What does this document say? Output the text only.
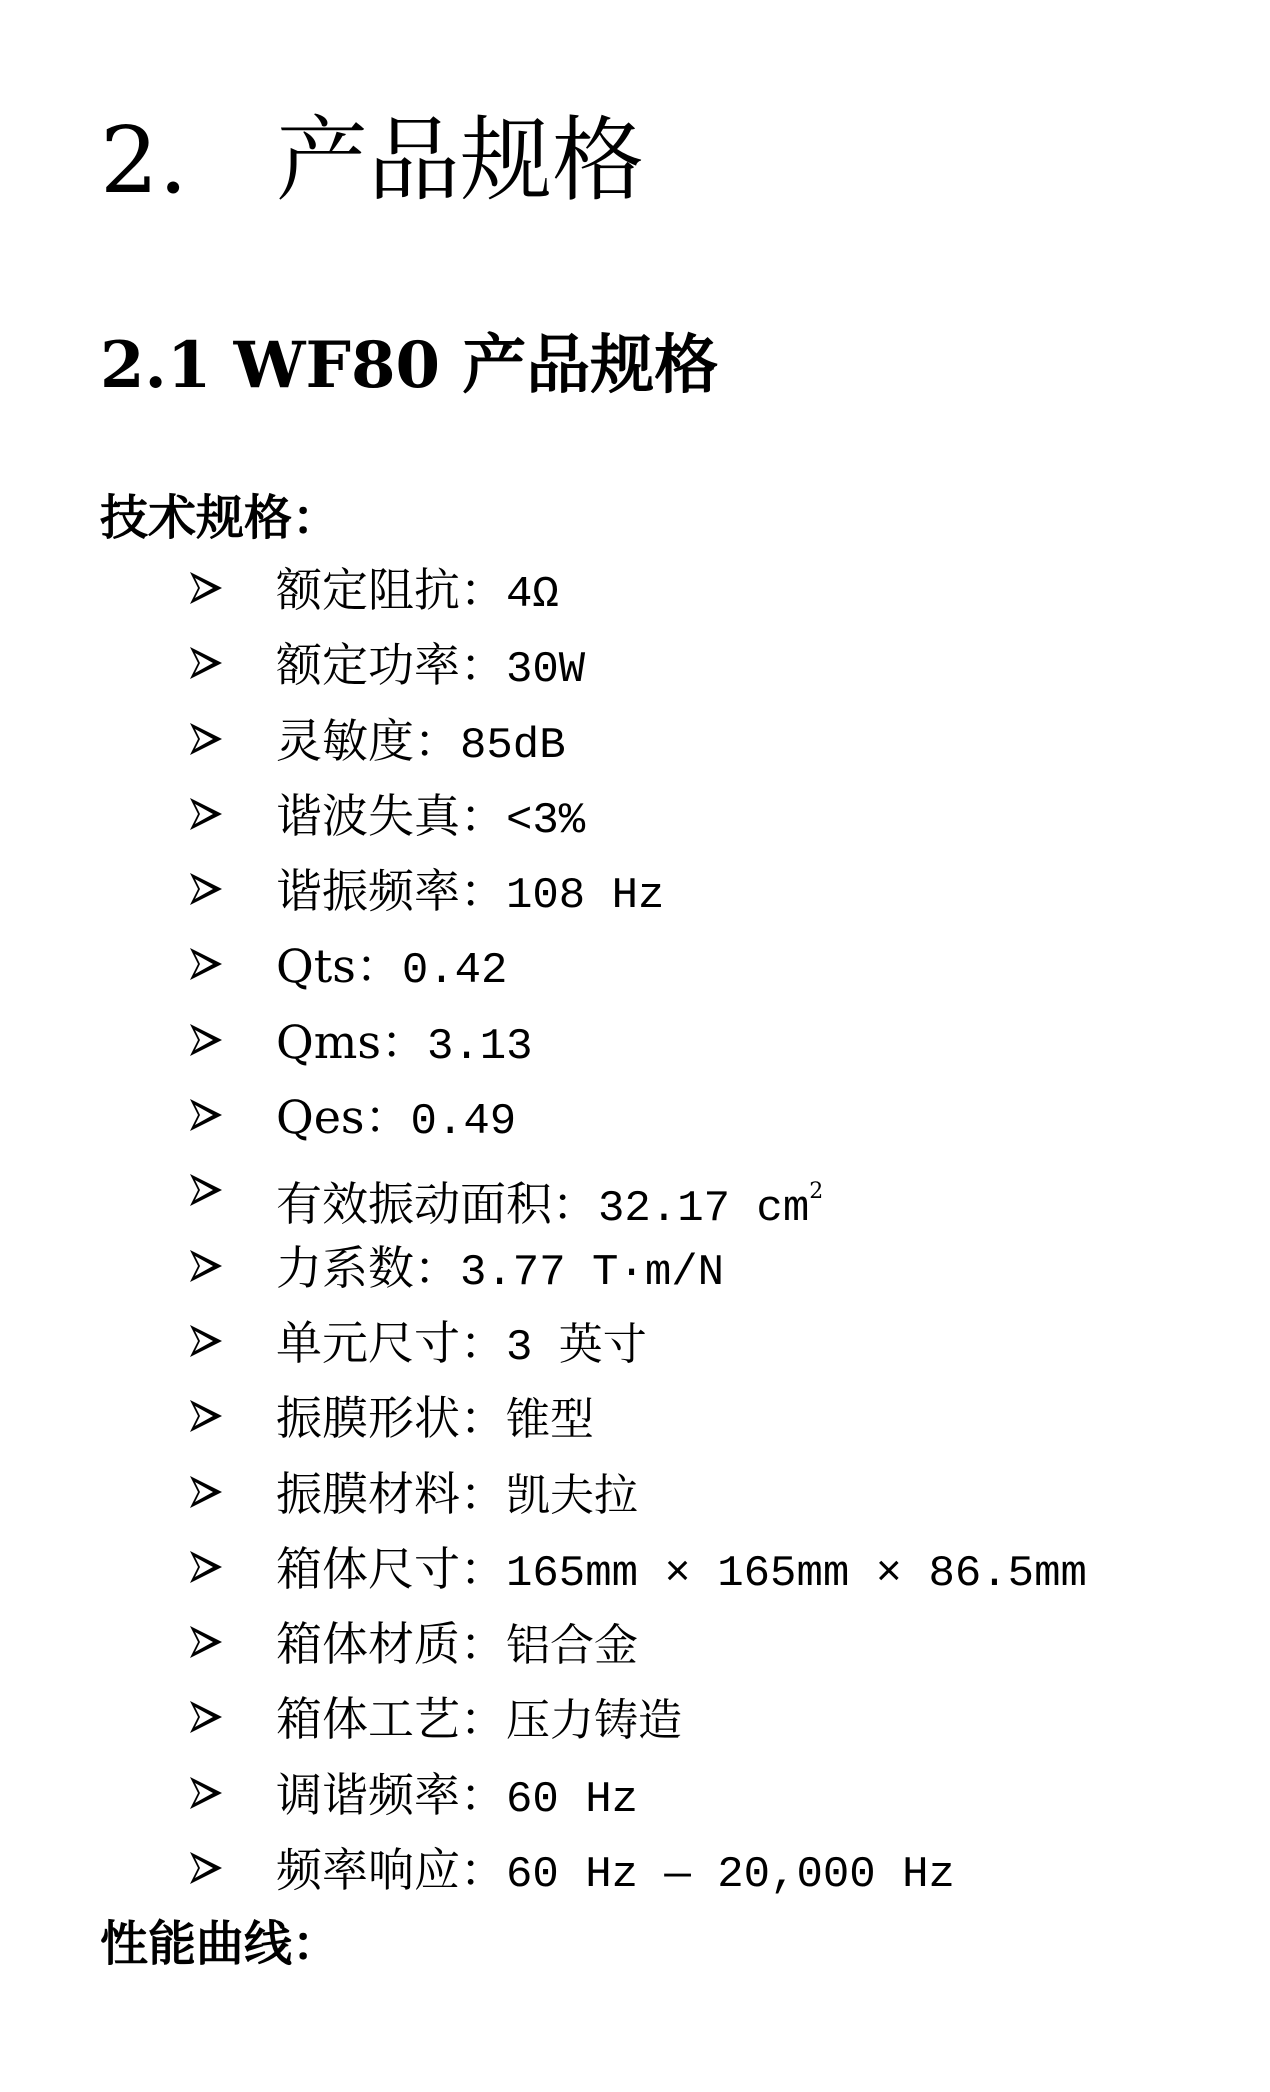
2. 产品规格
2.1 WF80 产品规格
技术规格：
额定阻抗：4Ω
额定功率：30W
灵敏度：85dB
谐波失真：<3%
谐振频率：108 Hz
Qts：0.42
Qms：3.13
Qes：0.49
有效振动面积：32.17 $cm^2$
力系数：3.77 T·m/N
单元尺寸：3 英寸
振膜形状：锥型
振膜材料：凯夫拉
箱体尺寸：165mm × 165mm × 86.5mm
箱体材质：铝合金
箱体工艺：压力铸造
调谐频率：60 Hz
频率响应：60 Hz — 20,000 Hz
性能曲线：
